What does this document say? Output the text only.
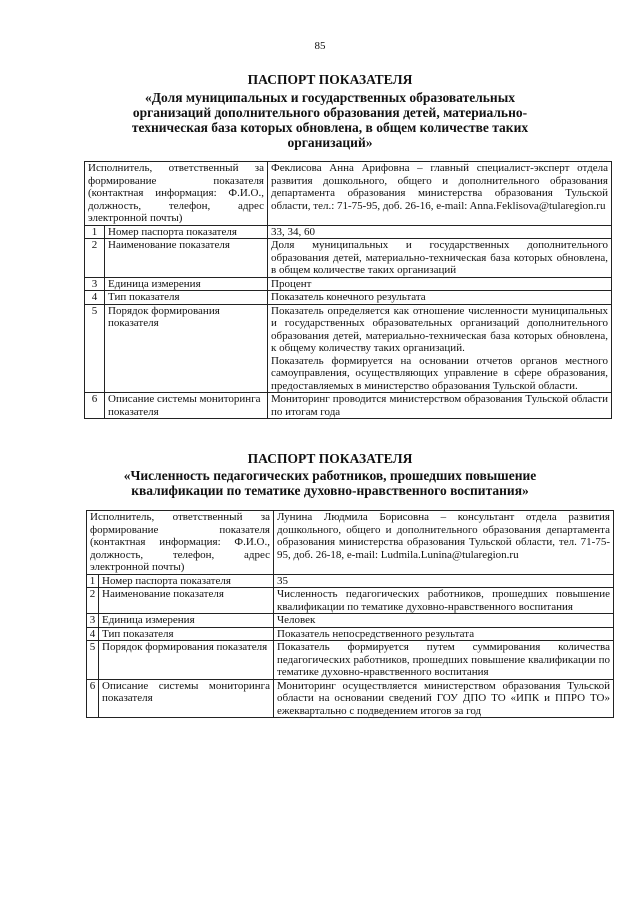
85
ПАСПОРТ ПОКАЗАТЕЛЯ
«Доля муниципальных и государственных образовательных
организаций дополнительного образования детей, материально-
техническая база которых обновлена, в общем количестве таких
организаций»
Исполнитель, ответственный за формирование показателя (контактная информация: Ф.И.О., должность, телефон, адрес электронной почты)		Феклисова Анна Арифовна – главный специалист-эксперт отдела развития дошкольного, общего и дополнительного образования департамента образования министерства образования Тульской области, тел.: 71-75-95, доб. 26-16, e-mail: Anna.Feklisova@tularegion.ru
1	Номер паспорта показателя	33, 34, 60
2	Наименование показателя	Доля муниципальных и государственных дополнительного образования детей, материально-техническая база которых обновлена, в общем количестве таких организаций
3	Единица измерения	Процент
4	Тип показателя	Показатель конечного результата
5	Порядок формирования показателя	Показатель определяется как отношение численности муниципальных и государственных образовательных организаций дополнительного образования детей, материально-техническая база которых обновлена, к общему количеству таких организаций.
Показатель формируется на основании отчетов органов местного самоуправления, осуществляющих управление в сфере образования, предоставляемых в министерство образования Тульской области.

6	Описание системы мониторинга показателя	Мониторинг проводится министерством образования Тульской области по итогам года
ПАСПОРТ ПОКАЗАТЕЛЯ
«Численность педагогических работников, прошедших повышение
квалификации по тематике духовно-нравственного воспитания»
Исполнитель, ответственный за формирование показателя (контактная информация: Ф.И.О., должность, телефон, адрес электронной почты)		Лунина Людмила Борисовна – консультант отдела развития дошкольного, общего и дополнительного образования департамента образования министерства образования Тульской области, тел. 71-75-95, доб. 26-18, e-mail: Ludmila.Lunina@tularegion.ru
1	Номер паспорта показателя	35
2	Наименование показателя	Численность педагогических работников, прошедших повышение квалификации по тематике духовно-нравственного воспитания
3	Единица измерения	Человек
4	Тип показателя	Показатель непосредственного результата
5	Порядок формирования показателя	Показатель формируется путем суммирования количества педагогических работников, прошедших повышение квалификации по тематике духовно-нравственного воспитания
6	Описание системы мониторинга показателя	Мониторинг осуществляется министерством образования Тульской области на основании сведений ГОУ ДПО ТО «ИПК и ППРО ТО» ежеквартально с подведением итогов за год
